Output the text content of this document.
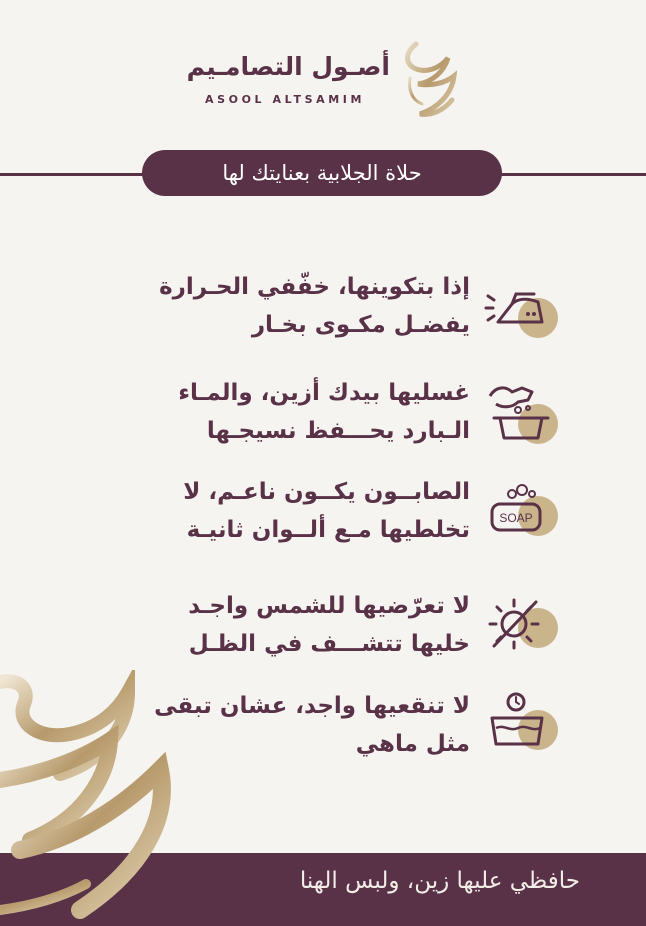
أصـول التصامـيم
ASOOL ALTSAMIM
حلاة الجلابية بعنايتك لها
إذا بتكوينها، خفّفي الحـرارة
يفضـل مكـوى بخـار
غسليها بيدك أزين، والمـاء
الـبارد يحـــفظ نسيجـها
SOAP
الصابــون يكــون ناعـم، لا
تخلطيها مـع ألــوان ثانيـة
لا تعرّضيها للشمس واجـد
خليها تتشـــف في الظـل
لا تنقعيها واجد، عشان تبقى
مثل ماهي
حافظي عليها زين، ولبس الهنا
